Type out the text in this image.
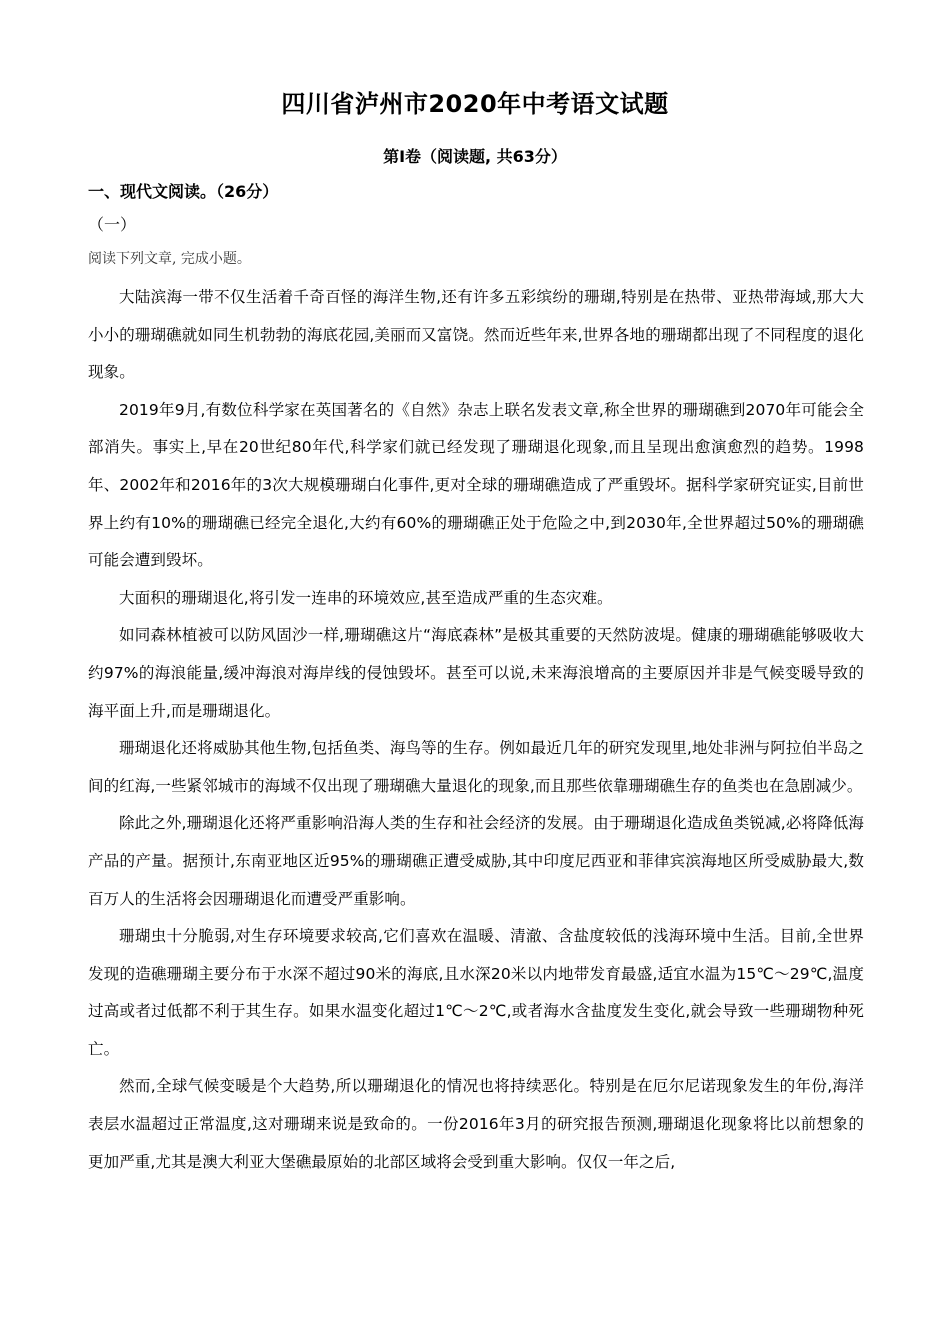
四川省泸州市2020年中考语文试题
第Ⅰ卷（阅读题, 共63分）
一、现代文阅读。（26分）
（一）
阅读下列文章, 完成小题。

大陆滨海一带不仅生活着千奇百怪的海洋生物,还有许多五彩缤纷的珊瑚,特别是在热带、亚热带海域,那大大小小的珊瑚礁就如同生机勃勃的海底花园,美丽而又富饶。然而近些年来,世界各地的珊瑚都出现了不同程度的退化现象。

2019年9月,有数位科学家在英国著名的《自然》杂志上联名发表文章,称全世界的珊瑚礁到2070年可能会全部消失。事实上,早在20世纪80年代,科学家们就已经发现了珊瑚退化现象,而且呈现出愈演愈烈的趋势。1998年、2002年和2016年的3次大规模珊瑚白化事件,更对全球的珊瑚礁造成了严重毁坏。据科学家研究证实,目前世界上约有10%的珊瑚礁已经完全退化,大约有60%的珊瑚礁正处于危险之中,到2030年,全世界超过50%的珊瑚礁可能会遭到毁坏。

大面积的珊瑚退化,将引发一连串的环境效应,甚至造成严重的生态灾难。

如同森林植被可以防风固沙一样,珊瑚礁这片“海底森林”是极其重要的天然防波堤。健康的珊瑚礁能够吸收大约97%的海浪能量,缓冲海浪对海岸线的侵蚀毁坏。甚至可以说,未来海浪增高的主要原因并非是气候变暖导致的海平面上升,而是珊瑚退化。

珊瑚退化还将威胁其他生物,包括鱼类、海鸟等的生存。例如最近几年的研究发现里,地处非洲与阿拉伯半岛之间的红海,一些紧邻城市的海域不仅出现了珊瑚礁大量退化的现象,而且那些依靠珊瑚礁生存的鱼类也在急剧减少。

除此之外,珊瑚退化还将严重影响沿海人类的生存和社会经济的发展。由于珊瑚退化造成鱼类锐减,必将降低海产品的产量。据预计,东南亚地区近95%的珊瑚礁正遭受威胁,其中印度尼西亚和菲律宾滨海地区所受威胁最大,数百万人的生活将会因珊瑚退化而遭受严重影响。

珊瑚虫十分脆弱,对生存环境要求较高,它们喜欢在温暖、清澈、含盐度较低的浅海环境中生活。目前,全世界发现的造礁珊瑚主要分布于水深不超过90米的海底,且水深20米以内地带发育最盛,适宜水温为15℃～29℃,温度过高或者过低都不利于其生存。如果水温变化超过1℃～2℃,或者海水含盐度发生变化,就会导致一些珊瑚物种死亡。

然而,全球气候变暖是个大趋势,所以珊瑚退化的情况也将持续恶化。特别是在厄尔尼诺现象发生的年份,海洋表层水温超过正常温度,这对珊瑚来说是致命的。一份2016年3月的研究报告预测,珊瑚退化现象将比以前想象的更加严重,尤其是澳大利亚大堡礁最原始的北部区域将会受到重大影响。仅仅一年之后,
